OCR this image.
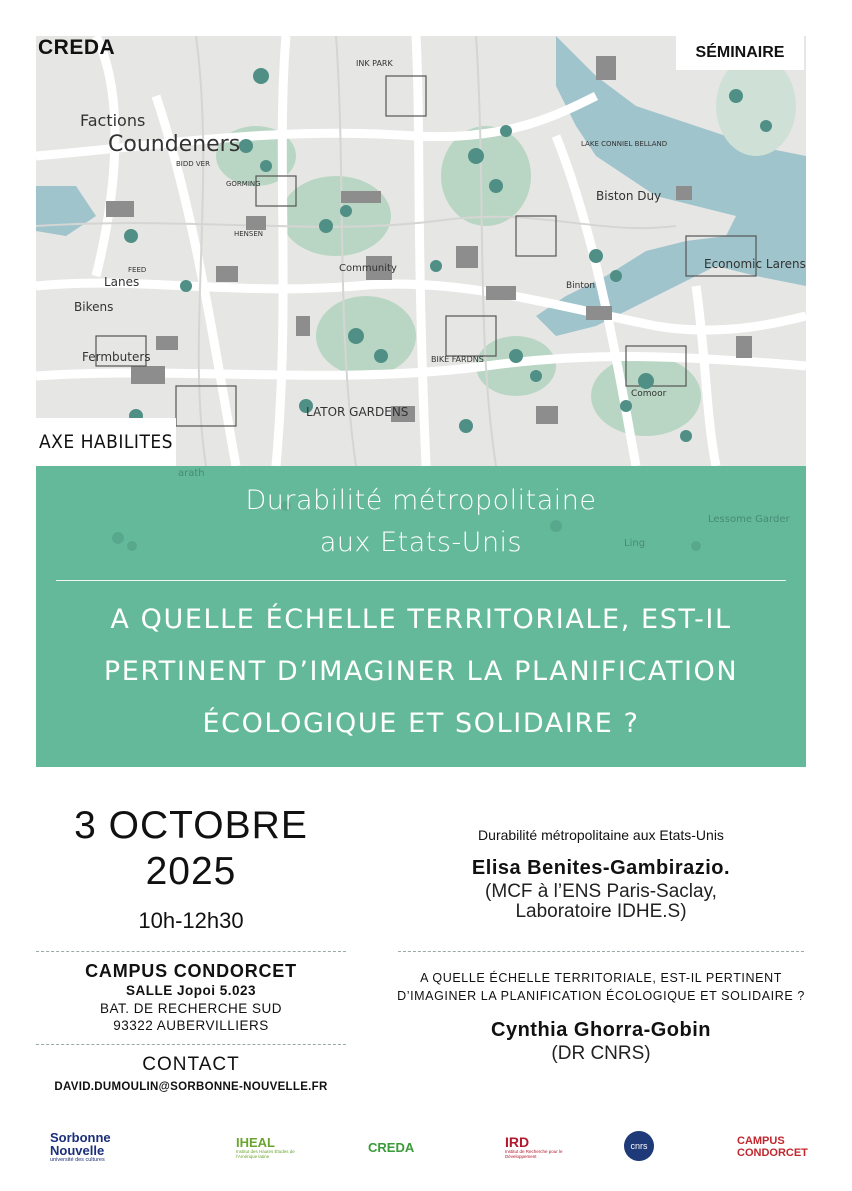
CREDA	SÉMINAIRE
Factions
Coundeners
Biston Duy
Economic Larens
Bikens
Lanes
Community
Fermbuters
LATOR GARDENS
BIKE FARDNS
Binton
Comoor
INK PARK
LAKE CONNIEL BELLAND
BIDD VER
GORMING
FEED
HENSEN
AXE HABILITES
Ling
Lessome Garder
arath
Durabilité métropolitaine
aux Etats-Unis
A QUELLE ÉCHELLE TERRITORIALE, EST-IL
PERTINENT D’IMAGINER LA PLANIFICATION
ÉCOLOGIQUE ET SOLIDAIRE ?
3 OCTOBRE
2025
10h-12h30
CAMPUS CONDORCET
SALLE Jopoi 5.023
BAT. DE RECHERCHE SUD
93322 AUBERVILLIERS
CONTACT
DAVID.DUMOULIN@SORBONNE-NOUVELLE.FR
Durabilité métropolitaine aux Etats-Unis
Elisa Benites-Gambirazio.
(MCF à l’ENS Paris-Saclay,
Laboratoire IDHE.S)
A QUELLE ÉCHELLE TERRITORIALE, EST-IL PERTINENT
D’IMAGINER LA PLANIFICATION ÉCOLOGIQUE ET SOLIDAIRE ?
Cynthia Ghorra-Gobin
(DR CNRS)
Sorbonne Nouvelle
université des cultures
IHEAL
Institut des Hautes Études de l'Amérique latine
CREDA	IRD
Institut de Recherche pour le Développement
cnrs	CAMPUS
CONDORCET
